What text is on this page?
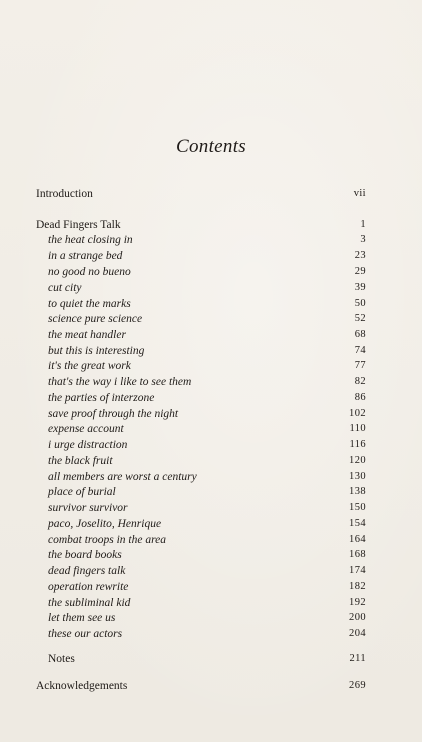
Contents
Introduction	vii
Dead Fingers Talk	1
the heat closing in	3
in a strange bed	23
no good no bueno	29
cut city	39
to quiet the marks	50
science pure science	52
the meat handler	68
but this is interesting	74
it's the great work	77
that's the way i like to see them	82
the parties of interzone	86
save proof through the night	102
expense account	110
i urge distraction	116
the black fruit	120
all members are worst a century	130
place of burial	138
survivor survivor	150
paco, Joselito, Henrique	154
combat troops in the area	164
the board books	168
dead fingers talk	174
operation rewrite	182
the subliminal kid	192
let them see us	200
these our actors	204
Notes	211
Acknowledgements	269
